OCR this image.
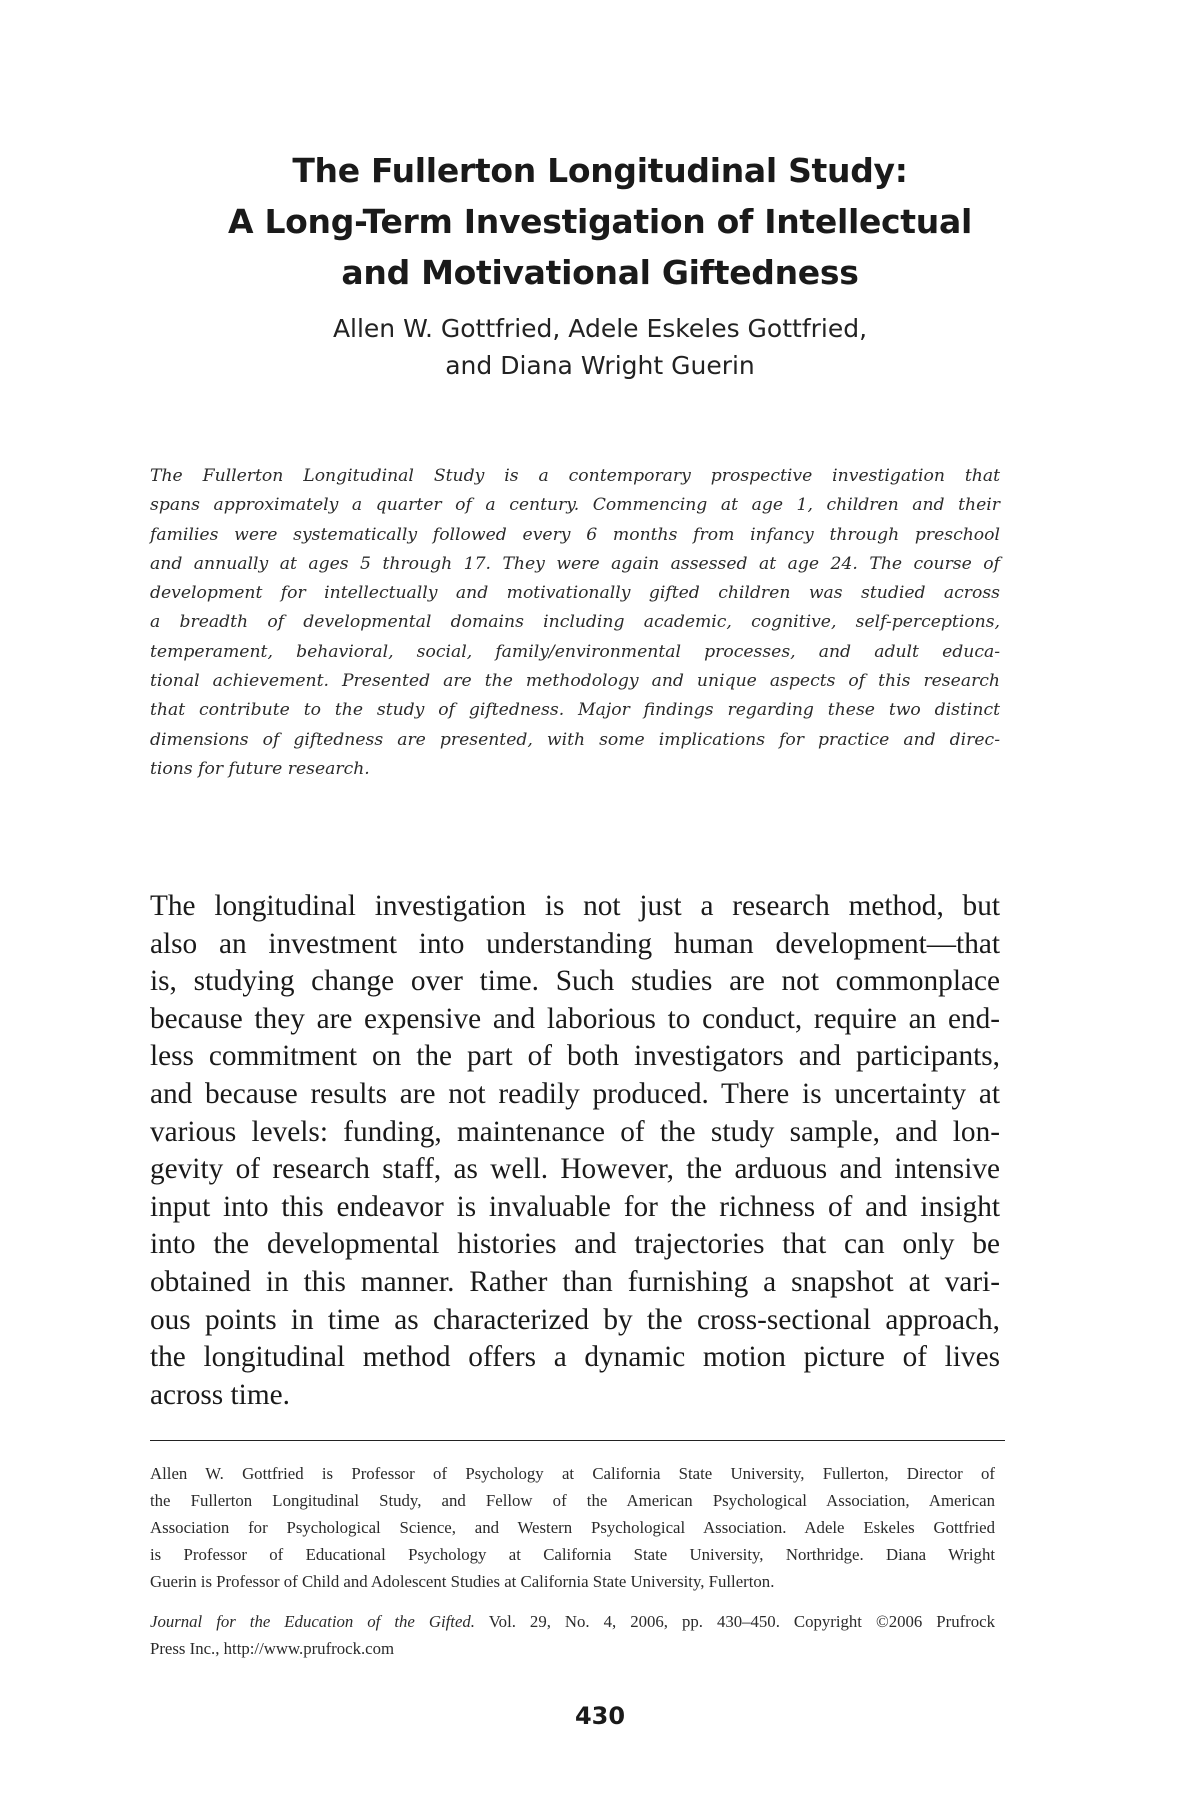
The Fullerton Longitudinal Study:
A Long-Term Investigation of Intellectual
and Motivational Giftedness
Allen W. Gottfried, Adele Eskeles Gottfried,
and Diana Wright Guerin
The Fullerton Longitudinal Study is a contemporary prospective investigation that
spans approximately a quarter of a century. Commencing at age 1, children and their
families were systematically followed every 6 months from infancy through preschool
and annually at ages 5 through 17. They were again assessed at age 24. The course of
development for intellectually and motivationally gifted children was studied across
a breadth of developmental domains including academic, cognitive, self-perceptions,
temperament, behavioral, social, family/environmental processes, and adult educa-
tional achievement. Presented are the methodology and unique aspects of this research
that contribute to the study of giftedness. Major findings regarding these two distinct
dimensions of giftedness are presented, with some implications for practice and direc-
tions for future research.
The longitudinal investigation is not just a research method, but
also an investment into understanding human development—that
is, studying change over time. Such studies are not commonplace
because they are expensive and laborious to conduct, require an end-
less commitment on the part of both investigators and participants,
and because results are not readily produced. There is uncertainty at
various levels: funding, maintenance of the study sample, and lon-
gevity of research staff, as well. However, the arduous and intensive
input into this endeavor is invaluable for the richness of and insight
into the developmental histories and trajectories that can only be
obtained in this manner. Rather than furnishing a snapshot at vari-
ous points in time as characterized by the cross-sectional approach,
the longitudinal method offers a dynamic motion picture of lives
across time.
Allen W. Gottfried is Professor of Psychology at California State University, Fullerton, Director of
the Fullerton Longitudinal Study, and Fellow of the American Psychological Association, American
Association for Psychological Science, and Western Psychological Association. Adele Eskeles Gottfried
is Professor of Educational Psychology at California State University, Northridge. Diana Wright
Guerin is Professor of Child and Adolescent Studies at California State University, Fullerton.
Journal for the Education of the Gifted. Vol. 29, No. 4, 2006, pp. 430–450. Copyright ©2006 Prufrock
Press Inc., http://www.prufrock.com
430
